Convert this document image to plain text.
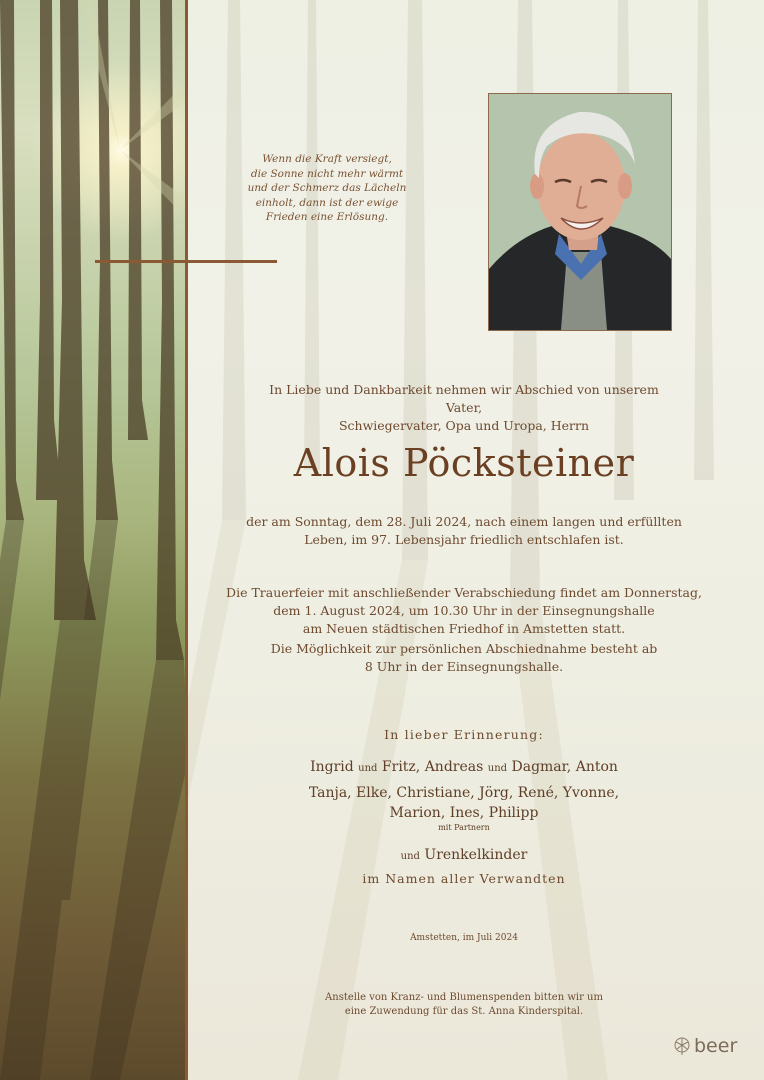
Wenn die Kraft versiegt,
die Sonne nicht mehr wärmt
und der Schmerz das Lächeln
einholt, dann ist der ewige
Frieden eine Erlösung.
In Liebe und Dankbarkeit nehmen wir Abschied von unserem Vater,
Schwiegervater, Opa und Uropa, Herrn
Alois Pöcksteiner
der am Sonntag, dem 28. Juli 2024, nach einem langen und erfüllten
Leben, im 97. Lebensjahr friedlich entschlafen ist.
Die Trauerfeier mit anschließender Verabschiedung findet am Donnerstag,
dem 1. August 2024, um 10.30 Uhr in der Einsegnungshalle
am Neuen städtischen Friedhof in Amstetten statt.
Die Möglichkeit zur persönlichen Abschiednahme besteht ab
8 Uhr in der Einsegnungshalle.
In lieber Erinnerung:
Ingrid und Fritz, Andreas und Dagmar, Anton
Tanja, Elke, Christiane, Jörg, René, Yvonne,
Marion, Ines, Philipp
mit Partnern
und Urenkelkinder
im Namen aller Verwandten
Amstetten, im Juli 2024
Anstelle von Kranz- und Blumenspenden bitten wir um
eine Zuwendung für das St. Anna Kinderspital.
beer
